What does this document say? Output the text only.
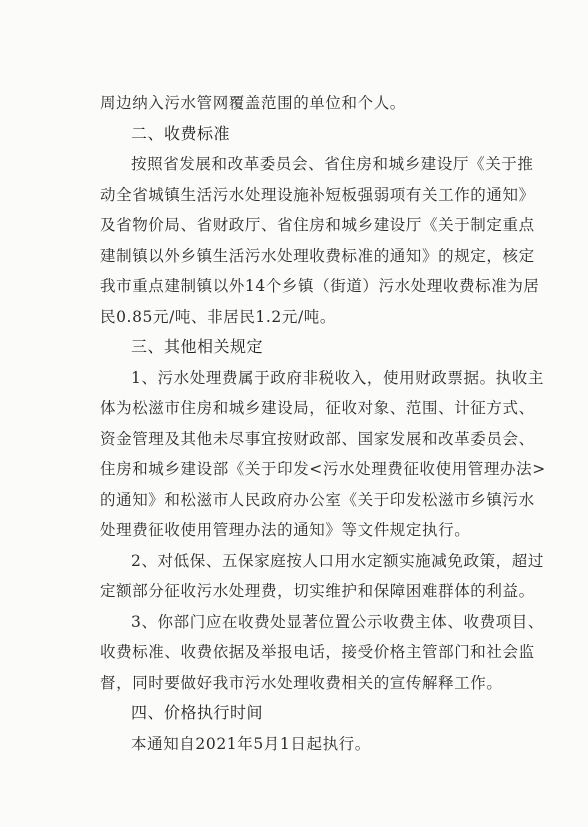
周边纳入污水管网覆盖范围的单位和个人。
二、收费标准
按照省发展和改革委员会、省住房和城乡建设厅《关于推
动全省城镇生活污水处理设施补短板强弱项有关工作的通知》
及省物价局、省财政厅、省住房和城乡建设厅《关于制定重点
建制镇以外乡镇生活污水处理收费标准的通知》的规定，核定
我市重点建制镇以外14个乡镇（街道）污水处理收费标准为居
民0.85元/吨、非居民1.2元/吨。
三、其他相关规定
1、污水处理费属于政府非税收入，使用财政票据。执收主
体为松滋市住房和城乡建设局，征收对象、范围、计征方式、
资金管理及其他未尽事宜按财政部、国家发展和改革委员会、
住房和城乡建设部《关于印发<污水处理费征收使用管理办法>
的通知》和松滋市人民政府办公室《关于印发松滋市乡镇污水
处理费征收使用管理办法的通知》等文件规定执行。
2、对低保、五保家庭按人口用水定额实施减免政策，超过
定额部分征收污水处理费，切实维护和保障困难群体的利益。
3、你部门应在收费处显著位置公示收费主体、收费项目、
收费标准、收费依据及举报电话，接受价格主管部门和社会监
督，同时要做好我市污水处理收费相关的宣传解释工作。
四、价格执行时间
本通知自2021年5月1日起执行。
